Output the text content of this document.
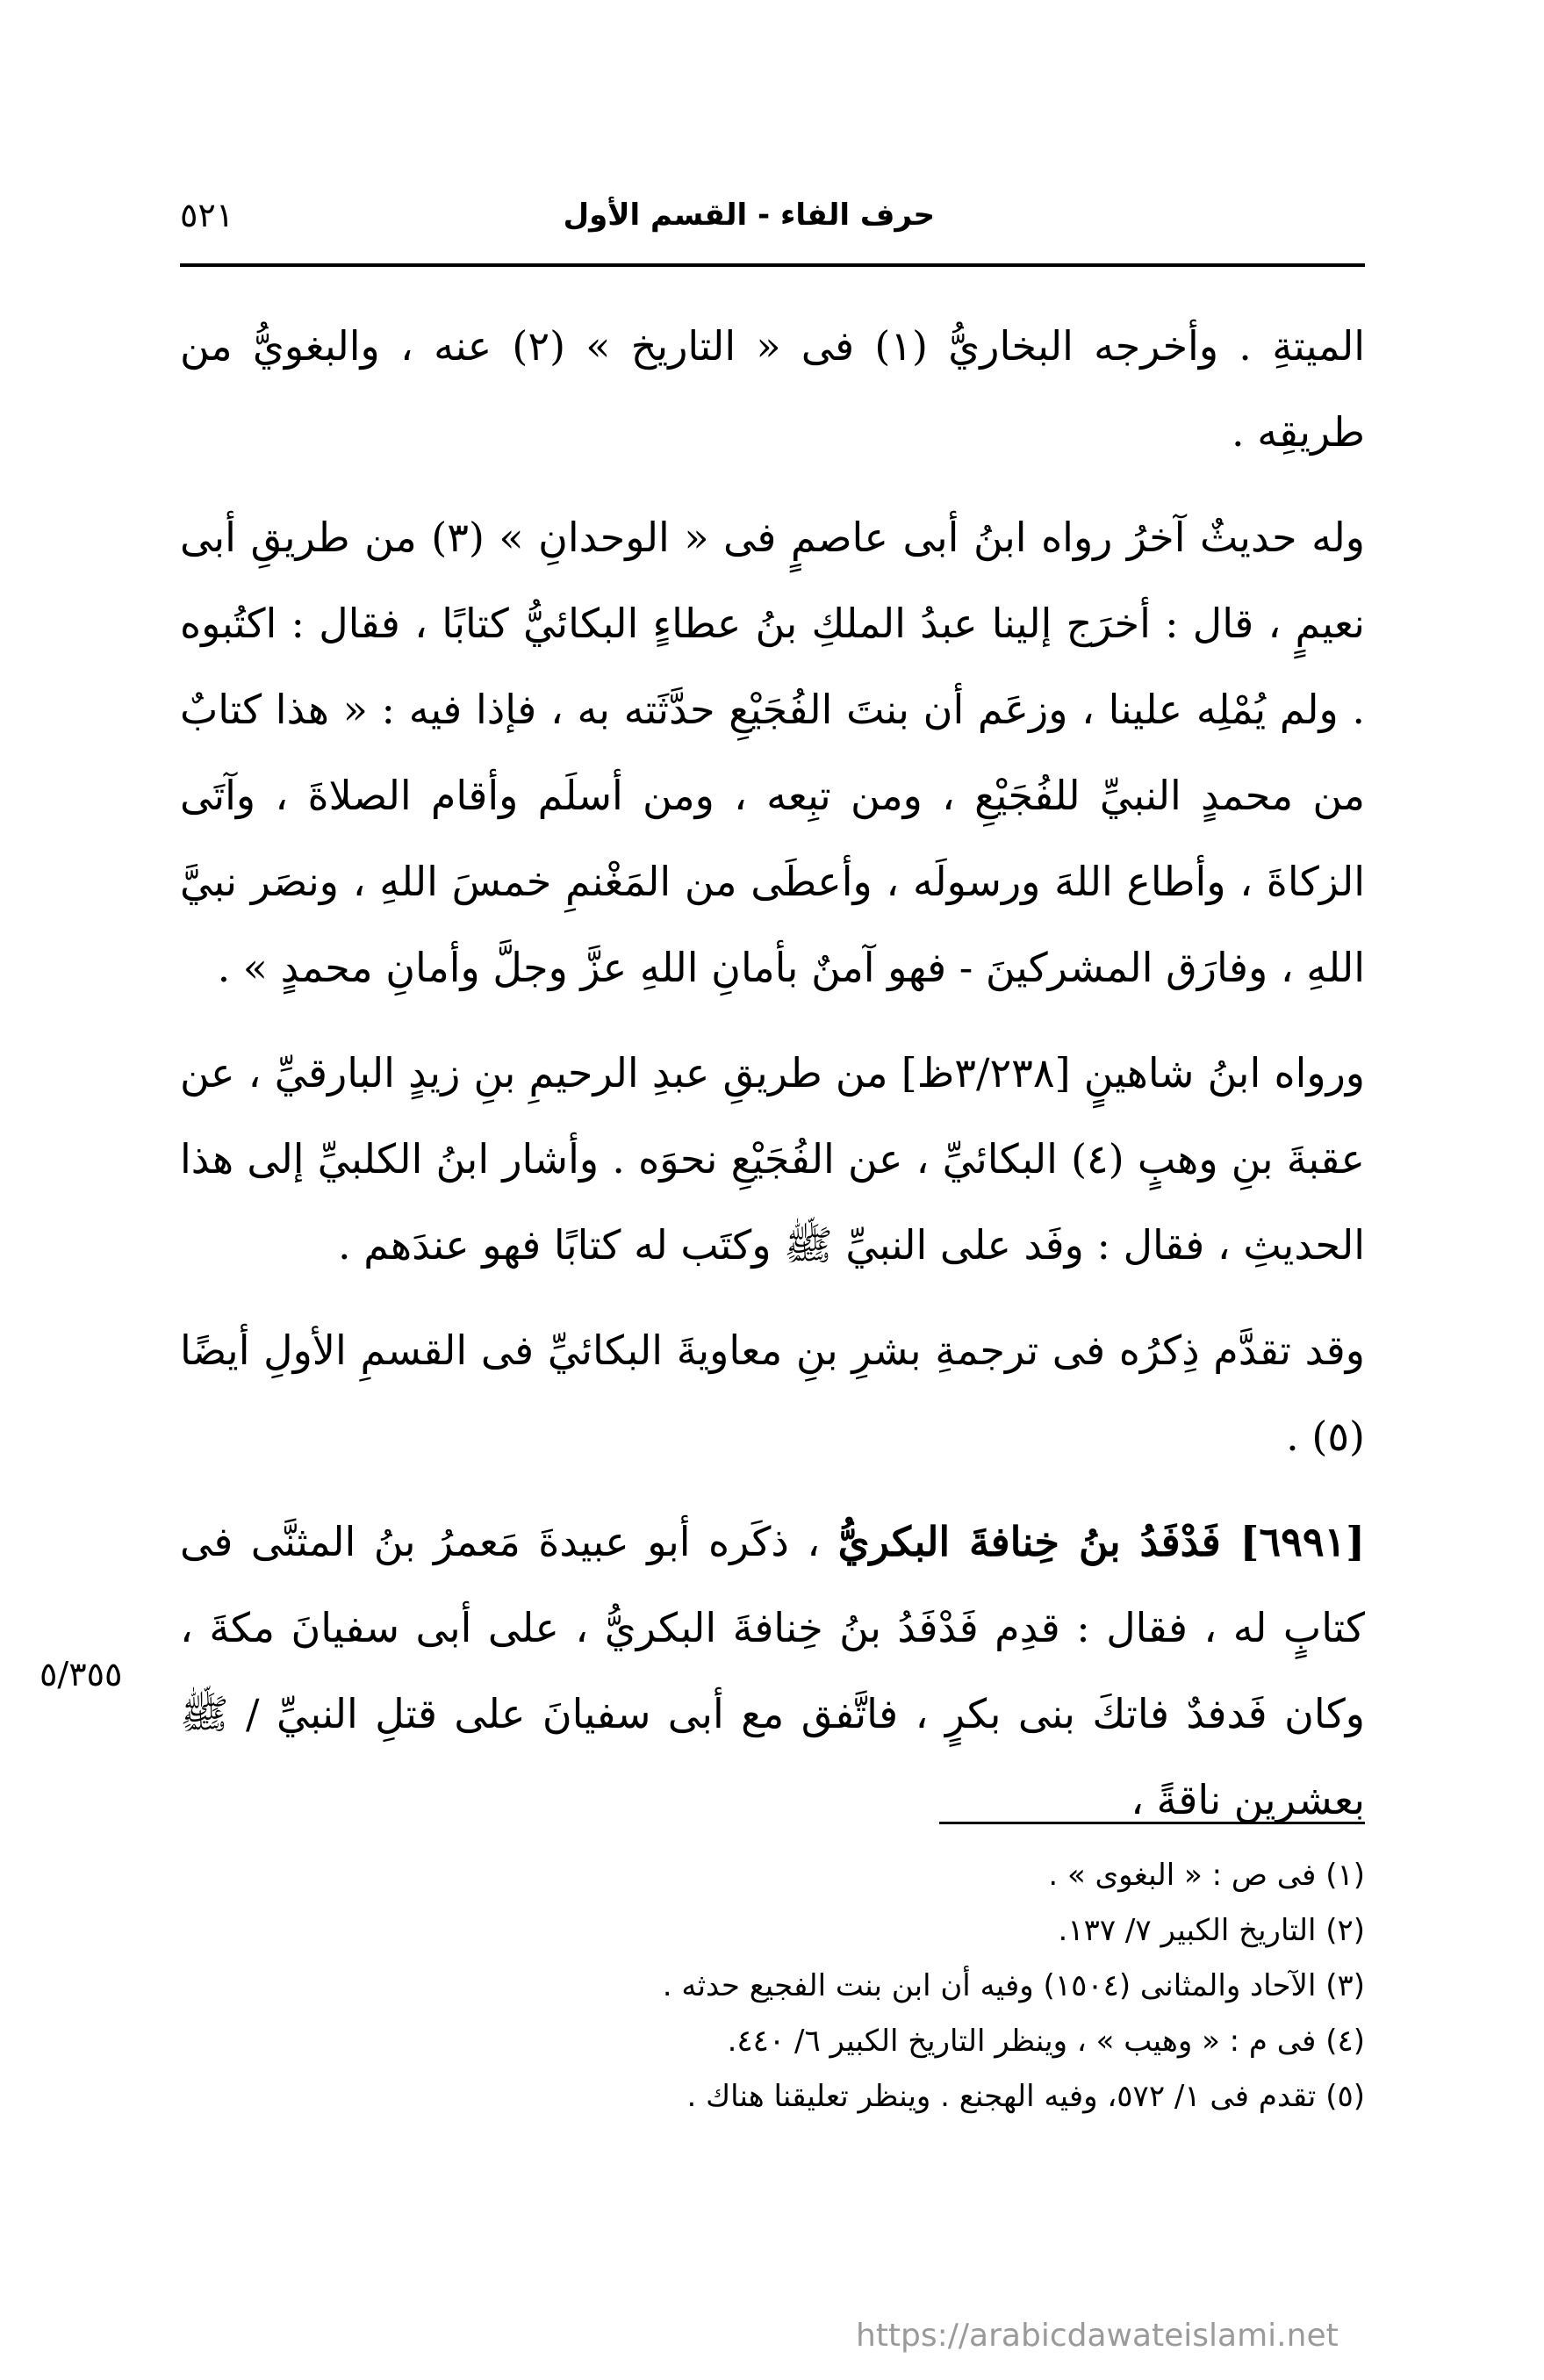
حرف الفاء - القسم الأول
٥٢١

الميتةِ . وأخرجه البخاريُّ (١) فى « التاريخ » (٢) عنه ، والبغويُّ من طريقِه .

وله حديثٌ آخرُ رواه ابنُ أبى عاصمٍ فى « الوحدانِ » (٣) من طريقِ أبى نعيمٍ ، قال : أخرَج إلينا عبدُ الملكِ بنُ عطاءٍ البكائيُّ كتابًا ، فقال : اكتُبوه . ولم يُمْلِه علينا ، وزعَم أن بنتَ الفُجَيْعِ حدَّثَته به ، فإذا فيه : « هذا كتابٌ من محمدٍ النبيِّ للفُجَيْعِ ، ومن تبِعه ، ومن أسلَم وأقام الصلاةَ ، وآتَى الزكاةَ ، وأطاع اللهَ ورسولَه ، وأعطَى من المَغْنمِ خمسَ اللهِ ، ونصَر نبيَّ اللهِ ، وفارَق المشركينَ - فهو آمنٌ بأمانِ اللهِ عزَّ وجلَّ وأمانِ محمدٍ » .

ورواه ابنُ شاهينٍ [٣/٢٣٨ظ] من طريقِ عبدِ الرحيمِ بنِ زيدٍ البارقيِّ ، عن عقبةَ بنِ وهبٍ (٤) البكائيِّ ، عن الفُجَيْعِ نحوَه . وأشار ابنُ الكلبيِّ إلى هذا الحديثِ ، فقال : وفَد على النبيِّ ﷺ وكتَب له كتابًا فهو عندَهم .

وقد تقدَّم ذِكرُه فى ترجمةِ بشرِ بنِ معاويةَ البكائيِّ فى القسمِ الأولِ أيضًا (٥) .

[٦٩٩١] فَدْفَدُ بنُ خِنافةَ البكريُّ ، ذكَره أبو عبيدةَ مَعمرُ بنُ المثنَّى فى كتابٍ له ، فقال : قدِم فَدْفَدُ بنُ خِنافةَ البكريُّ ، على أبى سفيانَ مكةَ ، وكان فَدفدٌ فاتكَ بنى بكرٍ ، فاتَّفق مع أبى سفيانَ على قتلِ النبيِّ / ﷺ بعشرين ناقةً ،

٥/٣٥٥

(١) فى ص : « البغوى » .

(٢) التاريخ الكبير ٧/ ١٣٧.

(٣) الآحاد والمثانى (١٥٠٤) وفيه أن ابن بنت الفجيع حدثه .

(٤) فى م : « وهيب » ، وينظر التاريخ الكبير ٦/ ٤٤٠.

(٥) تقدم فى ١/ ٥٧٢، وفيه الهجنع . وينظر تعليقنا هناك .

https://arabicdawateislami.net
